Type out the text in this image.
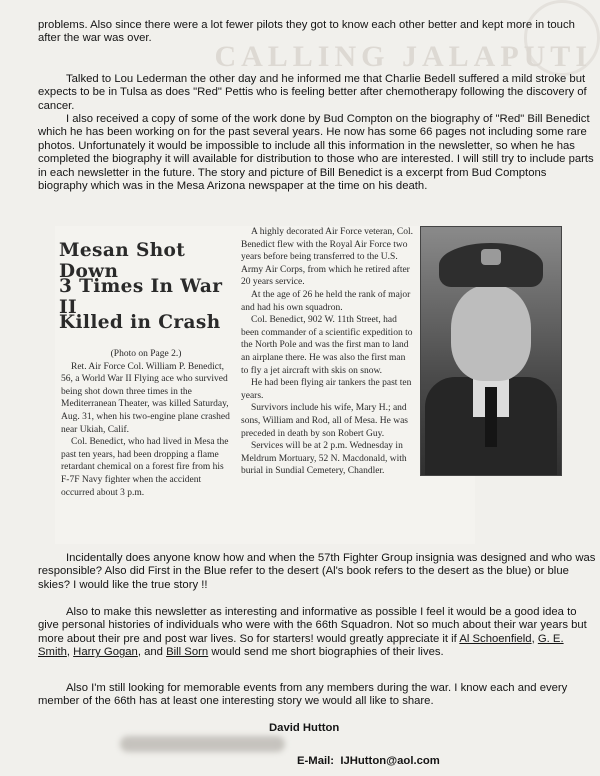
CALLING JALAPUTI

problems. Also since there were a lot fewer pilots they got to know each other better and kept more in touch after the war was over.

Talked to Lou Lederman the other day and he informed me that Charlie Bedell suffered a mild stroke but expects to be in Tulsa as does "Red" Pettis who is feeling better after chemotherapy following the discovery of cancer.

I also received a copy of some of the work done by Bud Compton on the biography of "Red" Bill Benedict which he has been working on for the past several years. He now has some 66 pages not including some rare photos. Unfortunately it would be impossible to include all this information in the newsletter, so when he has completed the biography it will available for distribution to those who are interested. I will still try to include parts in each newsletter in the future. The story and picture of Bill Benedict is a excerpt from Bud Comptons biography which was in the Mesa Arizona newspaper at the time on his death.

Mesan Shot Down
3 Times In War II
Killed in Crash
(Photo on Page 2.)
Ret. Air Force Col. William P. Benedict, 56, a World War II Flying ace who survived being shot down three times in the Mediterranean Theater, was killed Saturday, Aug. 31, when his two-engine plane crashed near Ukiah, Calif.
Col. Benedict, who had lived in Mesa the past ten years, had been dropping a flame retardant chemical on a forest fire from his F-7F Navy fighter when the accident occurred about 3 p.m.
A highly decorated Air Force veteran, Col. Benedict flew with the Royal Air Force two years before being transferred to the U.S. Army Air Corps, from which he retired after 20 years service.
At the age of 26 he held the rank of major and had his own squadron.
Col. Benedict, 902 W. 11th Street, had been commander of a scientific expedition to the North Pole and was the first man to land an airplane there. He was also the first man to fly a jet aircraft with skis on snow.
He had been flying air tankers the past ten years.
Survivors include his wife, Mary H.; and sons, William and Rod, all of Mesa. He was preceded in death by son Robert Guy.
Services will be at 2 p.m. Wednesday in Meldrum Mortuary, 52 N. Macdonald, with burial in Sundial Cemetery, Chandler.

Incidentally does anyone know how and when the 57th Fighter Group insignia was designed and who was responsible? Also did First in the Blue refer to the desert (Al's book refers to the desert as the blue) or blue skies? I would like the true story !!

Also to make this newsletter as interesting and informative as possible I feel it would be a good idea to give personal histories of individuals who were with the 66th Squadron. Not so much about their war years but more about their pre and post war lives. So for starters! would greatly appreciate it if Al Schoenfield, G. E. Smith, Harry Gogan, and Bill Sorn would send me short biographies of their lives.

Also I'm still looking for memorable events from any members during the war. I know each and every member of the 66th has at least one interesting story we would all like to share.

David Hutton

E-Mail: IJHutton@aol.com
